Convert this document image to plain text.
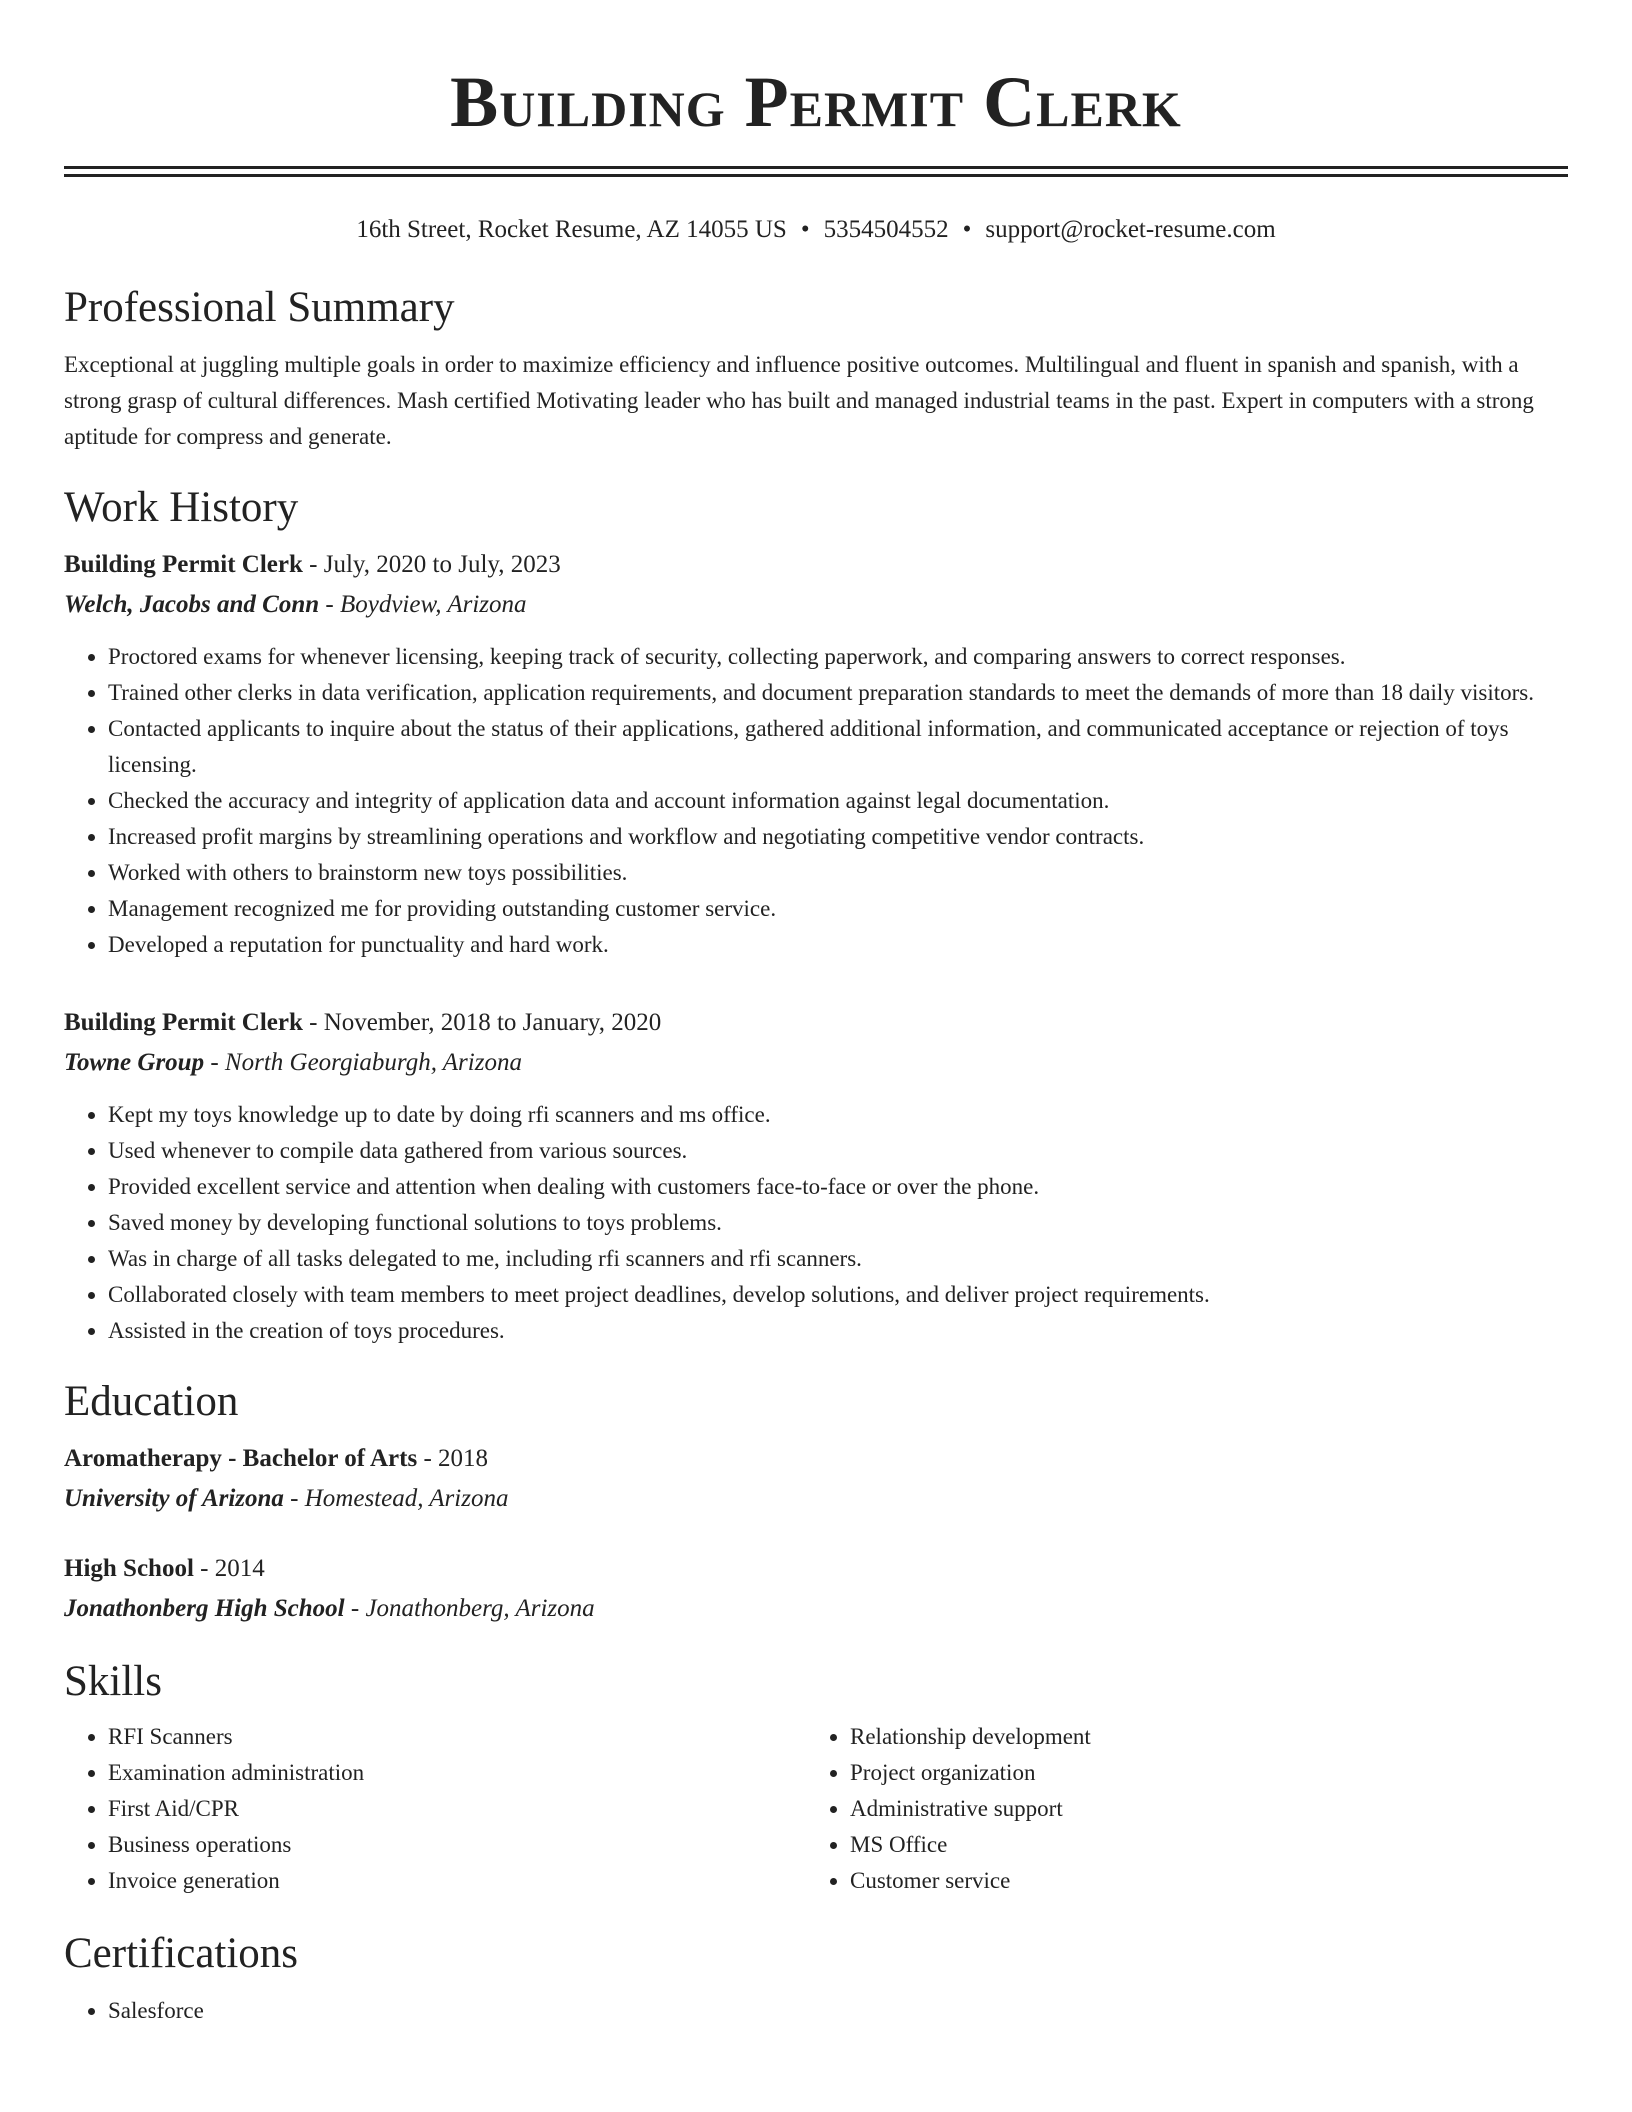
Building Permit Clerk
16th Street, Rocket Resume, AZ 14055 US • 5354504552 • support@rocket-resume.com
Professional Summary
Exceptional at juggling multiple goals in order to maximize efficiency and influence positive outcomes. Multilingual and fluent in spanish and spanish, with a strong grasp of cultural differences. Mash certified Motivating leader who has built and managed industrial teams in the past. Expert in computers with a strong aptitude for compress and generate.
Work History
Building Permit Clerk - July, 2020 to July, 2023
Welch, Jacobs and Conn - Boydview, Arizona
• Proctored exams for whenever licensing, keeping track of security, collecting paperwork, and comparing answers to correct responses.
• Trained other clerks in data verification, application requirements, and document preparation standards to meet the demands of more than 18 daily visitors.
• Contacted applicants to inquire about the status of their applications, gathered additional information, and communicated acceptance or rejection of toys licensing.
• Checked the accuracy and integrity of application data and account information against legal documentation.
• Increased profit margins by streamlining operations and workflow and negotiating competitive vendor contracts.
• Worked with others to brainstorm new toys possibilities.
• Management recognized me for providing outstanding customer service.
• Developed a reputation for punctuality and hard work.
Building Permit Clerk - November, 2018 to January, 2020
Towne Group - North Georgiaburgh, Arizona
• Kept my toys knowledge up to date by doing rfi scanners and ms office.
• Used whenever to compile data gathered from various sources.
• Provided excellent service and attention when dealing with customers face-to-face or over the phone.
• Saved money by developing functional solutions to toys problems.
• Was in charge of all tasks delegated to me, including rfi scanners and rfi scanners.
• Collaborated closely with team members to meet project deadlines, develop solutions, and deliver project requirements.
• Assisted in the creation of toys procedures.
Education
Aromatherapy - Bachelor of Arts - 2018
University of Arizona - Homestead, Arizona
High School - 2014
Jonathonberg High School - Jonathonberg, Arizona
Skills
• RFI Scanners
• Examination administration
• First Aid/CPR
• Business operations
• Invoice generation
• Relationship development
• Project organization
• Administrative support
• MS Office
• Customer service
Certifications
• Salesforce
